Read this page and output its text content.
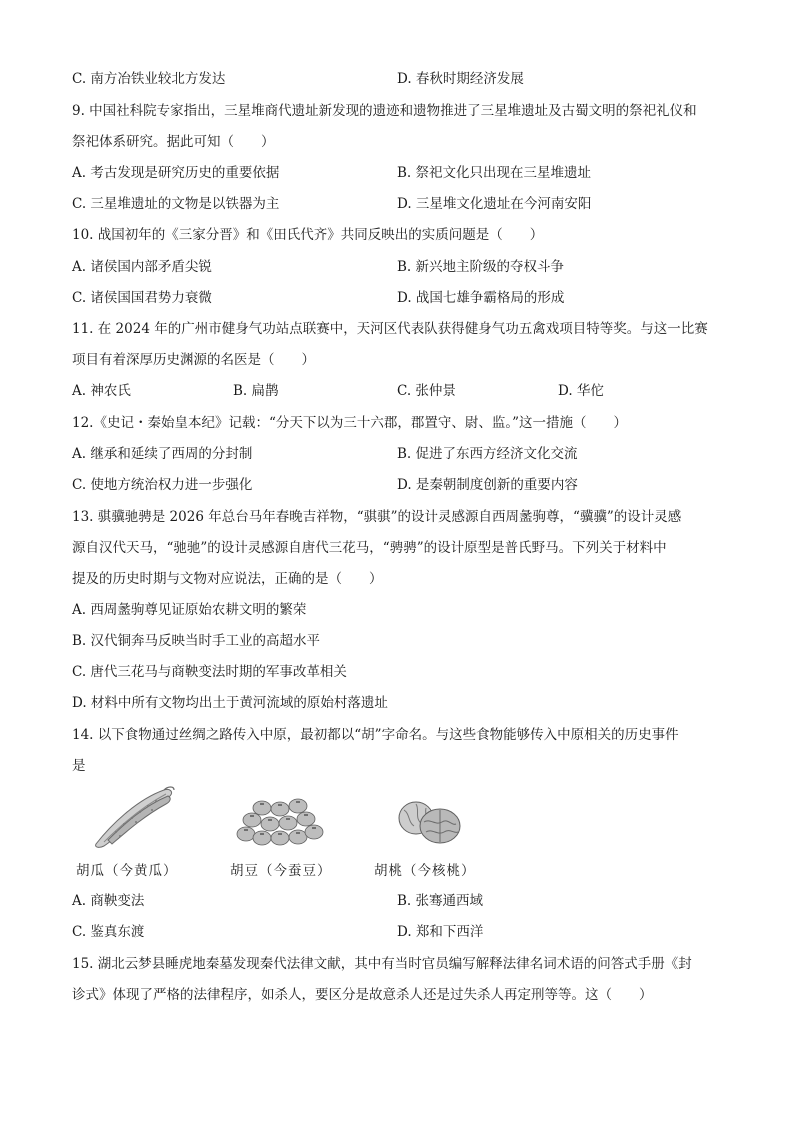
C. 南方冶铁业较北方发达	D. 春秋时期经济发展
9. 中国社科院专家指出，三星堆商代遗址新发现的遗迹和遗物推进了三星堆遗址及古蜀文明的祭祀礼仪和
祭祀体系研究。据此可知（　　）
A. 考古发现是研究历史的重要依据	B. 祭祀文化只出现在三星堆遗址
C. 三星堆遗址的文物是以铁器为主	D. 三星堆文化遗址在今河南安阳
10. 战国初年的《三家分晋》和《田氏代齐》共同反映出的实质问题是（　　）
A. 诸侯国内部矛盾尖锐	B. 新兴地主阶级的夺权斗争
C. 诸侯国国君势力衰微	D. 战国七雄争霸格局的形成
11. 在 2024 年的广州市健身气功站点联赛中，天河区代表队获得健身气功五禽戏项目特等奖。与这一比赛
项目有着深厚历史渊源的名医是（　　）
A. 神农氏	B. 扁鹊	C. 张仲景	D. 华佗
12.《史记・秦始皇本纪》记载：“分天下以为三十六郡，郡置守、尉、监。”这一措施（　　）
A. 继承和延续了西周的分封制	B. 促进了东西方经济文化交流
C. 使地方统治权力进一步强化	D. 是秦朝制度创新的重要内容
13. 骐骥驰骋是 2026 年总台马年春晚吉祥物，“骐骐”的设计灵感源自西周盠驹尊，“骥骥”的设计灵感
源自汉代天马，“驰驰”的设计灵感源自唐代三花马，“骋骋”的设计原型是普氏野马。下列关于材料中
提及的历史时期与文物对应说法，正确的是（　　）
A. 西周盠驹尊见证原始农耕文明的繁荣
B. 汉代铜奔马反映当时手工业的高超水平
C. 唐代三花马与商鞅变法时期的军事改革相关
D. 材料中所有文物均出土于黄河流域的原始村落遗址
14. 以下食物通过丝绸之路传入中原，最初都以“胡”字命名。与这些食物能够传入中原相关的历史事件
是
胡瓜（今黄瓜）	胡豆（今蚕豆）	胡桃（今核桃）
A. 商鞅变法	B. 张骞通西域
C. 鉴真东渡	D. 郑和下西洋
15. 湖北云梦县睡虎地秦墓发现秦代法律文献，其中有当时官员编写解释法律名词术语的问答式手册《封
诊式》体现了严格的法律程序，如杀人，要区分是故意杀人还是过失杀人再定刑等等。这（　　）
